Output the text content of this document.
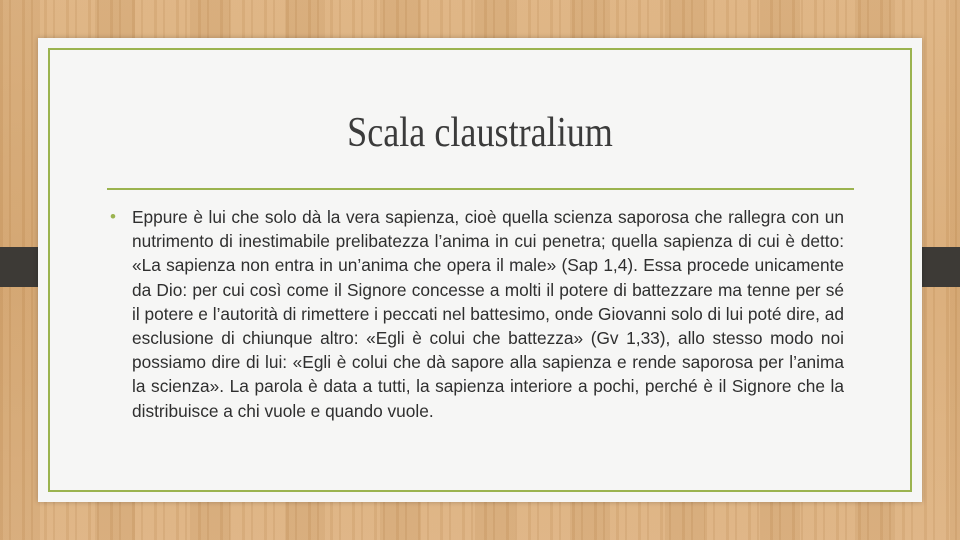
Scala claustralium
• Eppure è lui che solo dà la vera sapienza, cioè quella scienza saporosa che rallegra con un nutrimento di inestimabile prelibatezza l’anima in cui penetra; quella sapienza di cui è detto: «La sapienza non entra in un’anima che opera il male» (Sap 1,4). Essa procede unicamente da Dio: per cui così come il Signore concesse a molti il potere di battezzare ma tenne per sé il potere e l’autorità di rimettere i peccati nel battesimo, onde Giovanni solo di lui poté dire, ad esclusione di chiunque altro: «Egli è colui che battezza» (Gv 1,33), allo stesso modo noi possiamo dire di lui: «Egli è colui che dà sapore alla sapienza e rende saporosa per l’anima la scienza». La parola è data a tutti, la sapienza interiore a pochi, perché è il Signore che la distribuisce a chi vuole e quando vuole.
